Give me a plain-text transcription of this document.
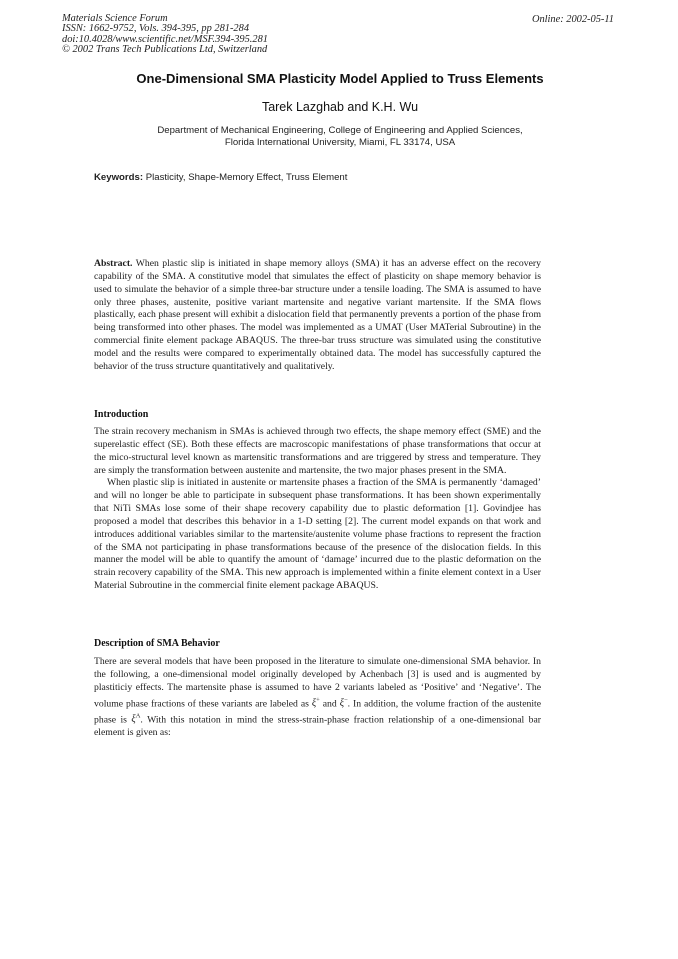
Materials Science Forum
ISSN: 1662-9752, Vols. 394-395, pp 281-284
doi:10.4028/www.scientific.net/MSF.394-395.281
© 2002 Trans Tech Publications Ltd, Switzerland
Online: 2002-05-11
One-Dimensional SMA Plasticity Model Applied to Truss Elements
Tarek Lazghab and K.H. Wu
Department of Mechanical Engineering, College of Engineering and Applied Sciences,
Florida International University, Miami, FL 33174, USA
Keywords: Plasticity, Shape-Memory Effect, Truss Element

Abstract. When plastic slip is initiated in shape memory alloys (SMA) it has an adverse effect on the recovery capability of the SMA. A constitutive model that simulates the effect of plasticity on shape memory behavior is used to simulate the behavior of a simple three-bar structure under a tensile loading. The SMA is assumed to have only three phases, austenite, positive variant martensite and negative variant martensite. If the SMA flows plastically, each phase present will exhibit a dislocation field that permanently prevents a portion of the phase from being transformed into other phases. The model was implemented as a UMAT (User MATerial Subroutine) in the commercial finite element package ABAQUS. The three-bar truss structure was simulated using the constitutive model and the results were compared to experimentally obtained data. The model has successfully captured the behavior of the truss structure quantitatively and qualitatively.

Introduction

The strain recovery mechanism in SMAs is achieved through two effects, the shape memory effect (SME) and the superelastic effect (SE). Both these effects are macroscopic manifestations of phase transformations that occur at the mico-structural level known as martensitic transformations and are triggered by stress and temperature. They are simply the transformation between austenite and martensite, the two major phases present in the SMA.

When plastic slip is initiated in austenite or martensite phases a fraction of the SMA is permanently ‘damaged’ and will no longer be able to participate in subsequent phase transformations. It has been shown experimentally that NiTi SMAs lose some of their shape recovery capability due to plastic deformation [1]. Govindjee has proposed a model that describes this behavior in a 1-D setting [2]. The current model expands on that work and introduces additional variables similar to the martensite/austenite volume phase fractions to represent the fraction of the SMA not participating in phase transformations because of the presence of the dislocation fields. In this manner the model will be able to quantify the amount of ‘damage’ incurred due to the plastic deformation on the strain recovery capability of the SMA. This new approach is implemented within a finite element context in a User Material Subroutine in the commercial finite element package ABAQUS.

Description of SMA Behavior

There are several models that have been proposed in the literature to simulate one-dimensional SMA behavior. In the following, a one-dimensional model originally developed by Achenbach [3] is used and is augmented by plastiticiy effects. The martensite phase is assumed to have 2 variants labeled as ‘Positive’ and ‘Negative’. The volume phase fractions of these variants are labeled as ξ+ and ξ−. In addition, the volume fraction of the austenite phase is $\xi^A$. With this notation in mind the stress-strain-phase fraction relationship of a one-dimensional bar element is given as:
